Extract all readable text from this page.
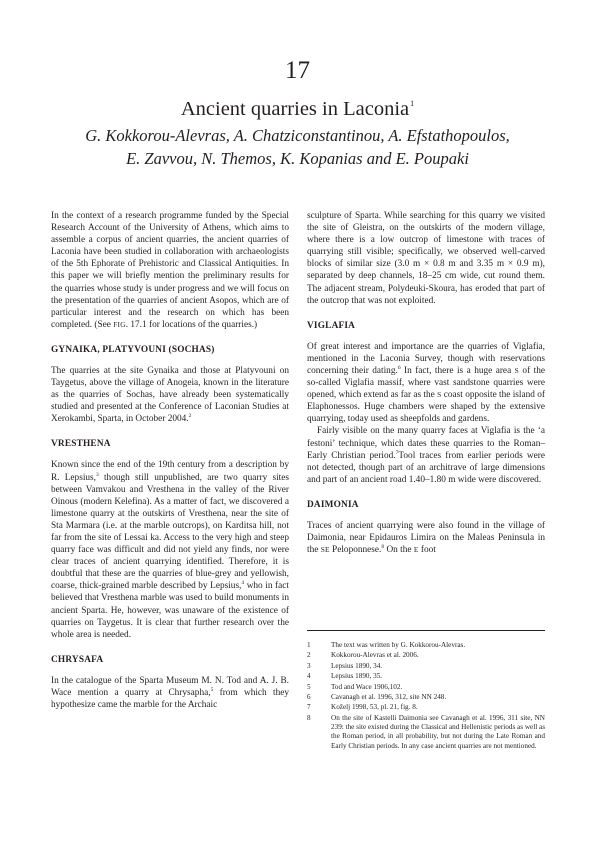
17
Ancient quarries in Laconia$^1$
G. Kokkorou-Alevras, A. Chatziconstantinou, A. Efstathopoulos,
E. Zavvou, N. Themos, K. Kopanias and E. Poupaki

In the context of a research programme funded by the Special Research Account of the University of Athens, which aims to assemble a corpus of ancient quarries, the ancient quarries of Laconia have been studied in collaboration with archaeologists of the 5th Ephorate of Prehistoric and Classical Antiquities. In this paper we will briefly mention the preliminary results for the quarries whose study is under progress and we will focus on the presentation of the quarries of ancient Asopos, which are of particular interest and the research on which has been completed. (See FIG. 17.1 for locations of the quarries.)

GYNAIKA, PLATYVOUNI (SOCHAS)

The quarries at the site Gynaika and those at Platyvouni on Taygetus, above the village of Anogeia, known in the literature as the quarries of Sochas, have already been systematically studied and presented at the Conference of Laconian Studies at Xerokambi, Sparta, in October 2004.$^2$

VRESTHENA

Known since the end of the 19th century from a description by R. Lepsius,$^3$ though still unpublished, are two quarry sites between Vamvakou and Vresthena in the valley of the River Oinous (modern Kelefina). As a matter of fact, we discovered a limestone quarry at the outskirts of Vresthena, near the site of Sta Marmara (i.e. at the marble outcrops), on Karditsa hill, not far from the site of Lessai ka. Access to the very high and steep quarry face was difficult and did not yield any finds, nor were clear traces of ancient quarrying identified. Therefore, it is doubtful that these are the quarries of blue-grey and yellowish, coarse, thick-grained marble described by Lepsius,$^4$ who in fact believed that Vresthena marble was used to build monuments in ancient Sparta. He, however, was unaware of the existence of quarries on Taygetus. It is clear that further research over the whole area is needed.

CHRYSAFA

In the catalogue of the Sparta Museum M. N. Tod and A. J. B. Wace mention a quarry at Chrysapha,$^5$ from which they hypothesize came the marble for the Archaic

sculpture of Sparta. While searching for this quarry we visited the site of Gleistra, on the outskirts of the modern village, where there is a low outcrop of limestone with traces of quarrying still visible; specifically, we observed well-carved blocks of similar size (3.0 m × 0.8 m and 3.35 m × 0.9 m), separated by deep channels, 18–25 cm wide, cut round them. The adjacent stream, Polydeuki-Skoura, has eroded that part of the outcrop that was not exploited.

VIGLAFIA

Of great interest and importance are the quarries of Viglafia, mentioned in the Laconia Survey, though with reservations concerning their dating.$^6$ In fact, there is a huge area S of the so-called Viglafia massif, where vast sandstone quarries were opened, which extend as far as the S coast opposite the island of Elaphonessos. Huge chambers were shaped by the extensive quarrying, today used as sheepfolds and gardens.

Fairly visible on the many quarry faces at Viglafia is the ‘a festoni’ technique, which dates these quarries to the Roman–Early Christian period.$^7$Tool traces from earlier periods were not detected, though part of an architrave of large dimensions and part of an ancient road 1.40–1.80 m wide were discovered.

DAIMONIA

Traces of ancient quarrying were also found in the village of Daimonia, near Epidauros Limira on the Maleas Peninsula in the SE Peloponnese.$^8$ On the E foot

1	The text was written by G. Kokkorou-Alevras.
2	Kokkorou-Alevras et al. 2006.
3	Lepsius 1890, 34.
4	Lepsius 1890, 35.
5	Tod and Wace 1906,102.
6	Cavanagh et al. 1996, 312, site NN 248.
7	Koželj 1998, 53, pl. 21, fig. 8.
8	On the site of Kastelli Daimonia see Cavanagh et al. 1996, 311 site, NN 239: the site existed during the Classical and Hellenistic periods as well as the Roman period, in all probability, but not during the Late Roman and Early Christian periods. In any case ancient quarries are not mentioned.
